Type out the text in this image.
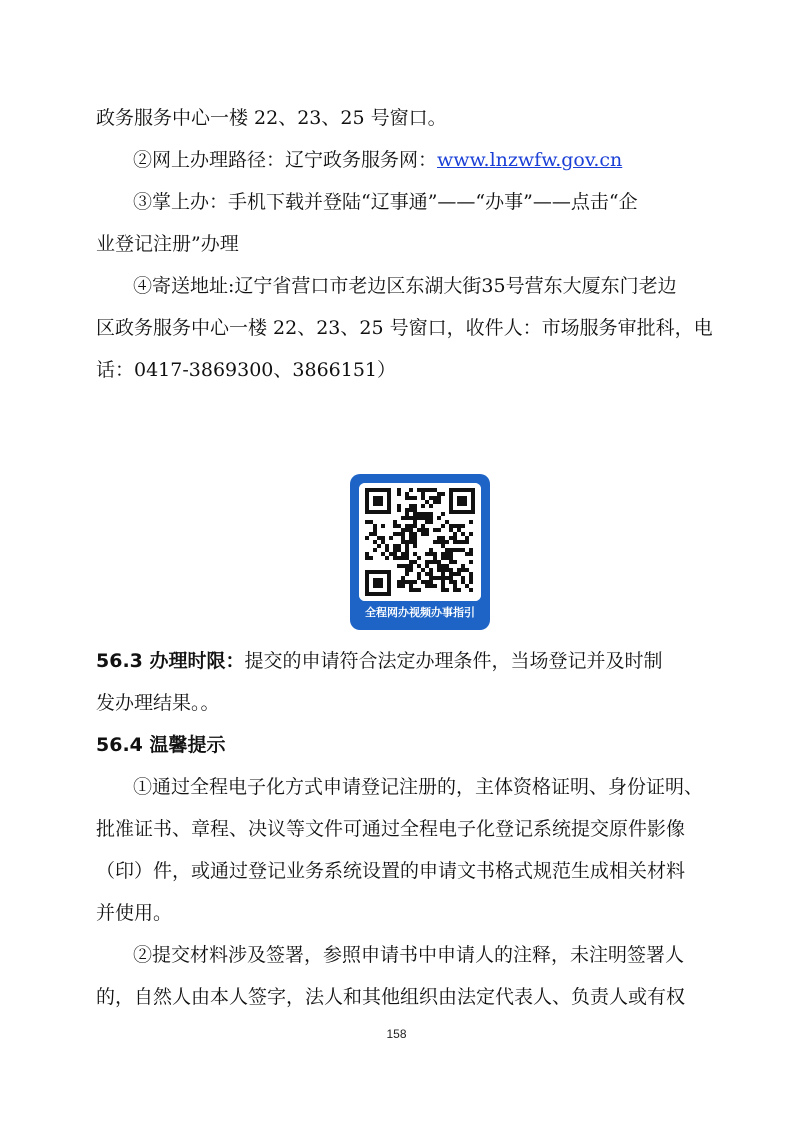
政务服务中心一楼 22、23、25 号窗口。
②网上办理路径：辽宁政务服务网：www.lnzwfw.gov.cn
③掌上办：手机下载并登陆“辽事通”——“办事”——点击“企
业登记注册”办理
④寄送地址:辽宁省营口市老边区东湖大街35号营东大厦东门老边
区政务服务中心一楼 22、23、25 号窗口，收件人：市场服务审批科，电
话：0417-3869300、3866151）
全程网办视频办事指引
56.3 办理时限：提交的申请符合法定办理条件，当场登记并及时制
发办理结果。。
56.4 温馨提示
①通过全程电子化方式申请登记注册的，主体资格证明、身份证明、
批准证书、章程、决议等文件可通过全程电子化登记系统提交原件影像
（印）件，或通过登记业务系统设置的申请文书格式规范生成相关材料
并使用。
②提交材料涉及签署，参照申请书中申请人的注释，未注明签署人
的，自然人由本人签字，法人和其他组织由法定代表人、负责人或有权
158
